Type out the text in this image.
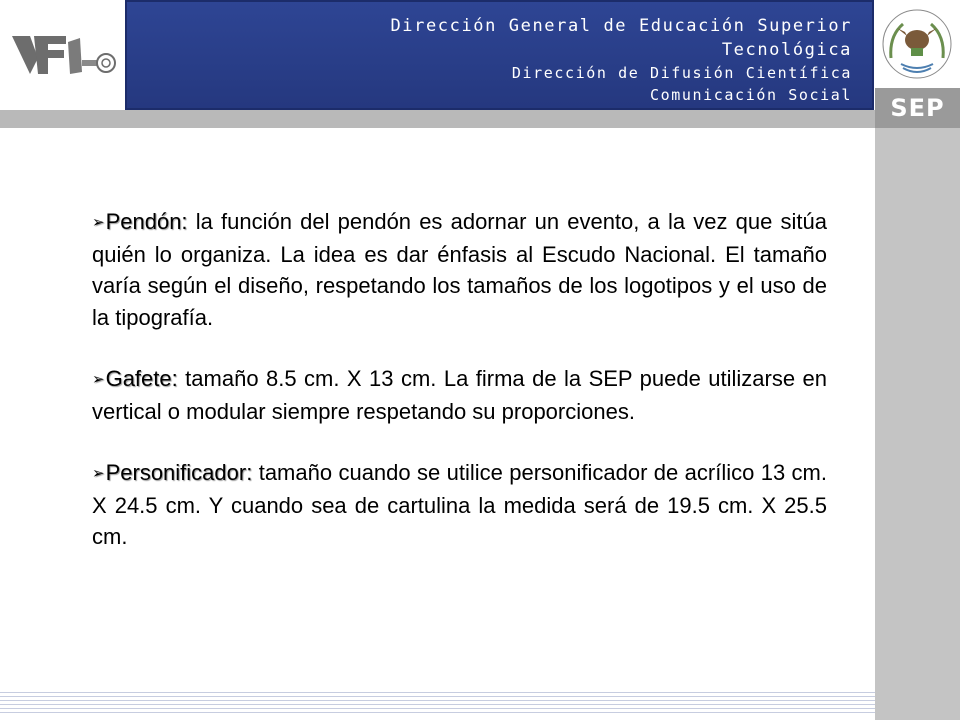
Dirección General de Educación Superior
Tecnológica
Dirección de Difusión Científica
Comunicación Social	SEP

➢Pendón: la función del pendón es adornar un evento, a la vez que sitúa quién lo organiza. La idea es dar énfasis al Escudo Nacional. El tamaño varía según el diseño, respetando los tamaños de los logotipos y el uso de la tipografía.

➢Gafete: tamaño 8.5 cm. X 13 cm. La firma de la SEP puede utilizarse en vertical o modular siempre respetando su proporciones.

➢Personificador: tamaño cuando se utilice personificador de acrílico 13 cm. X 24.5 cm. Y cuando sea de cartulina la medida será de 19.5 cm. X 25.5 cm.
